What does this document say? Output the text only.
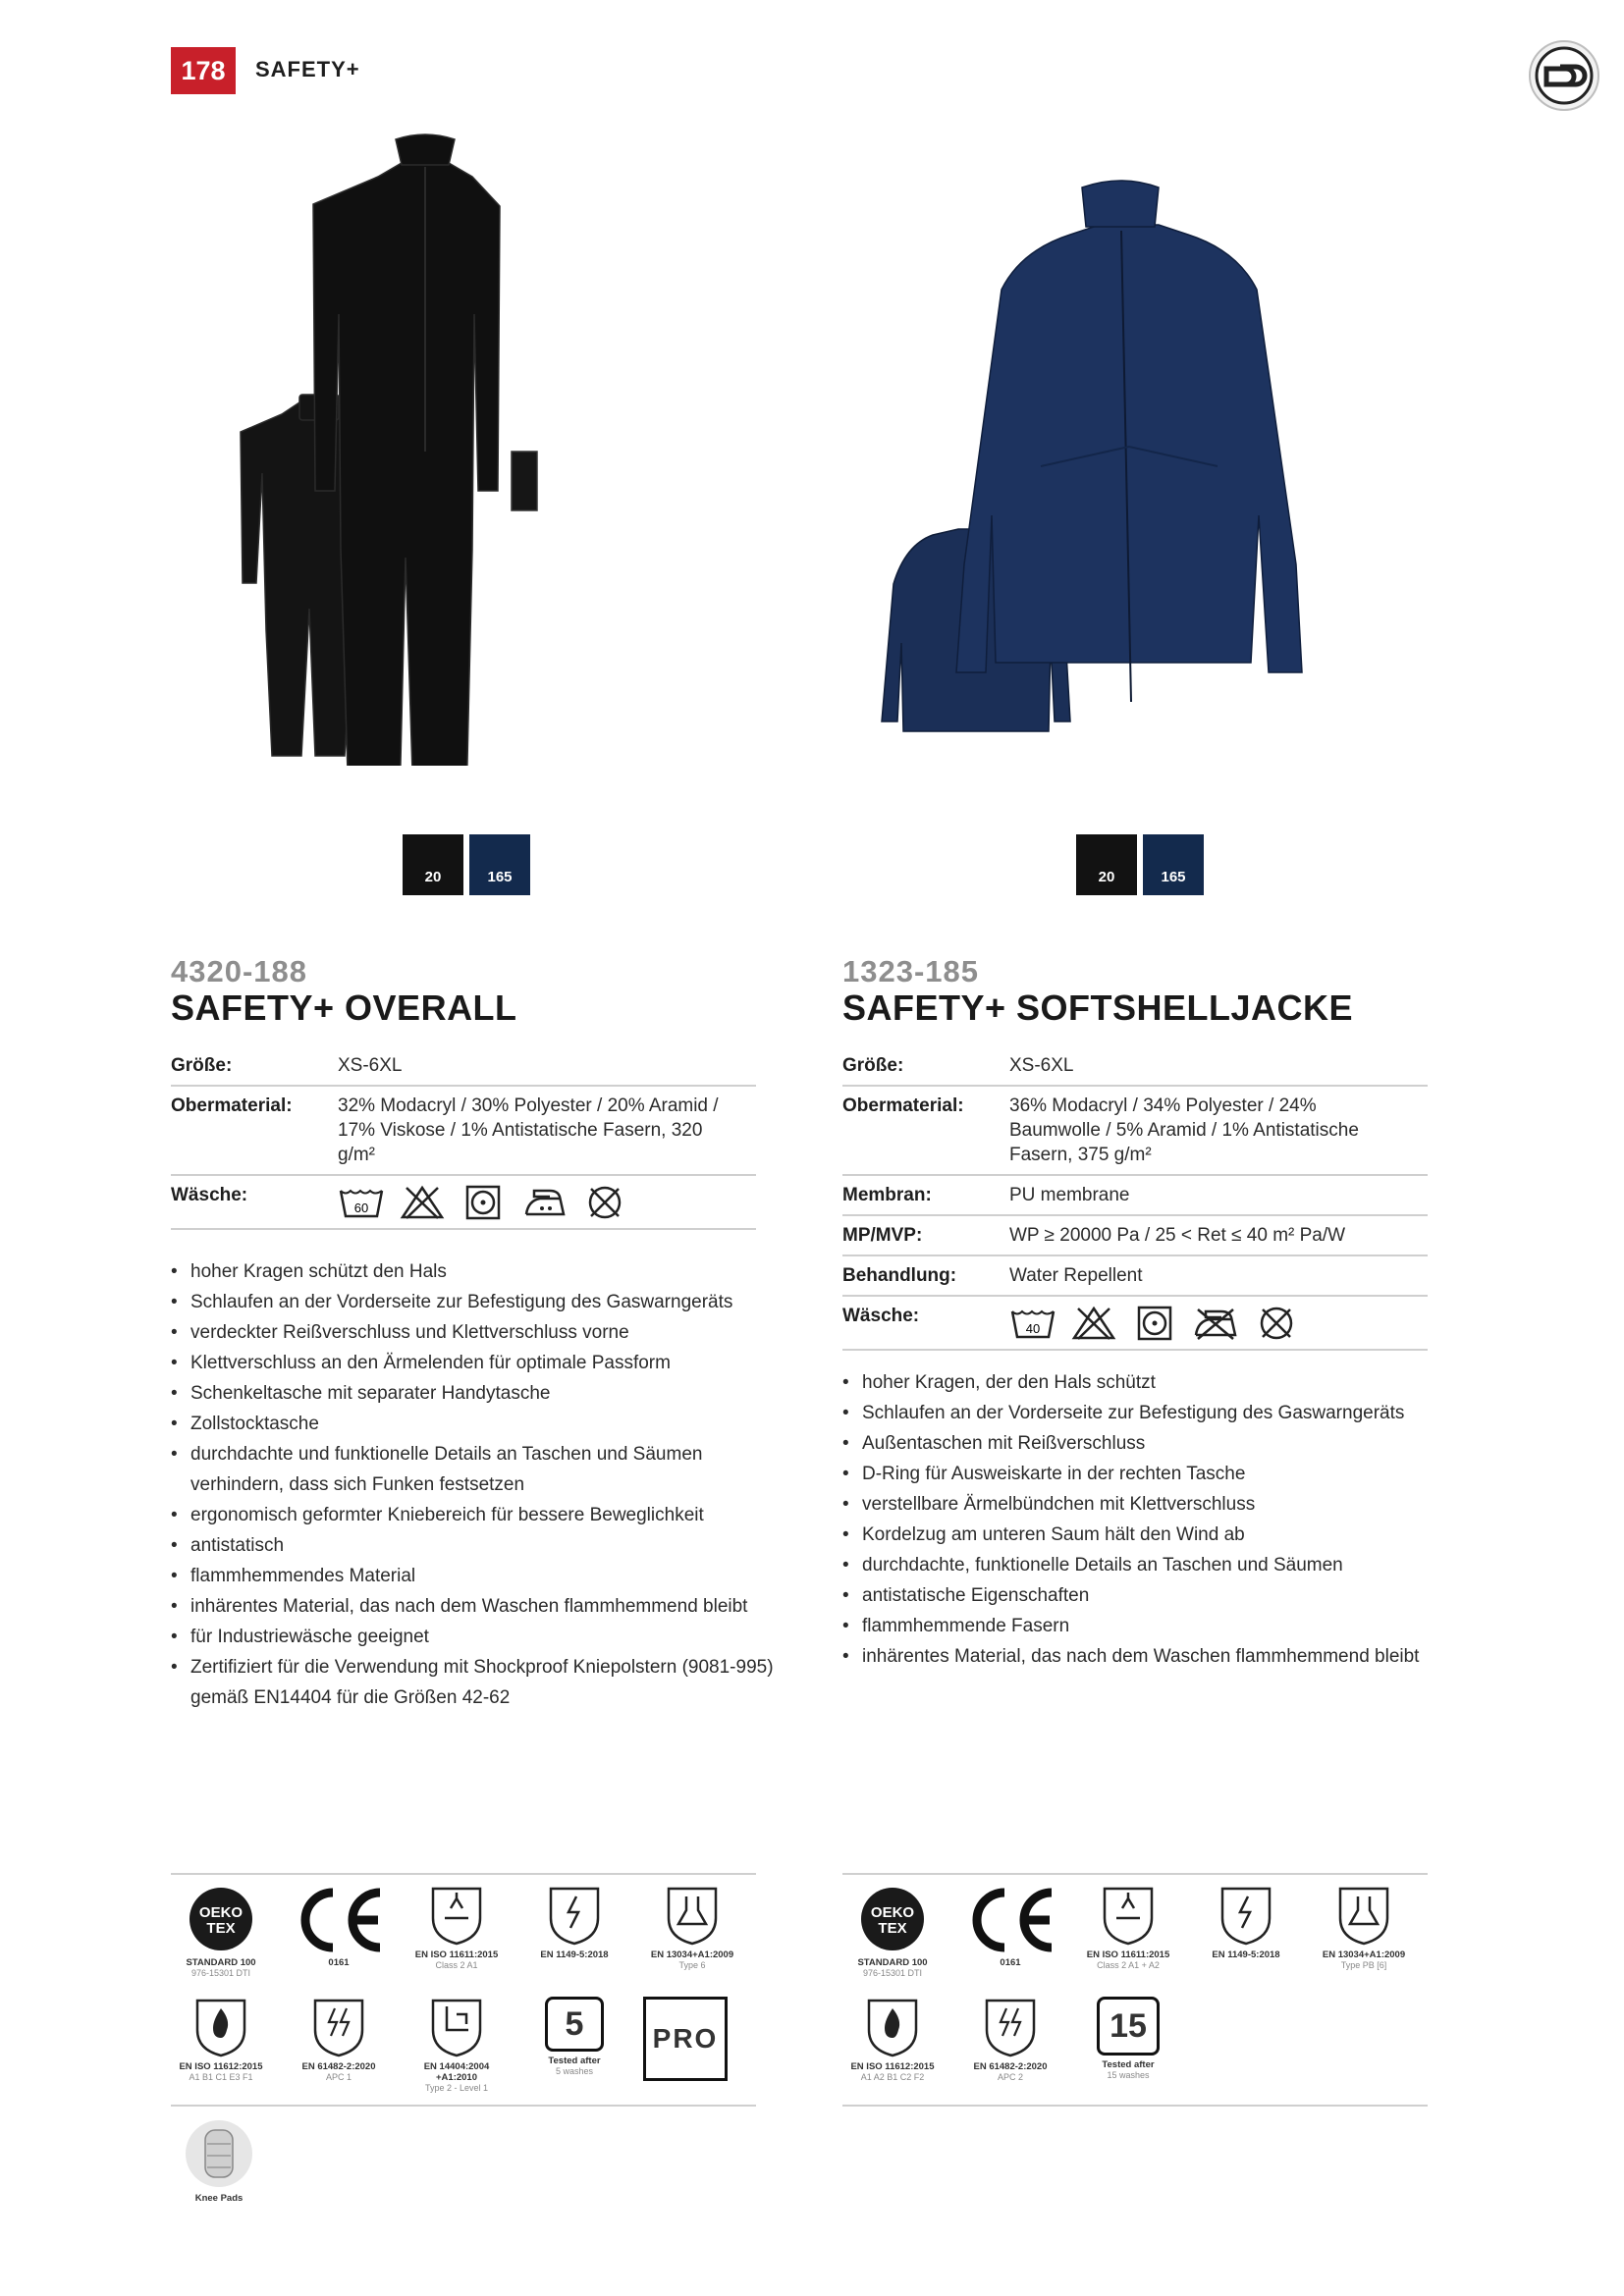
178	SAFETY+
20	165	20	165
4320-188
SAFETY+ OVERALL
Größe:	XS-6XL
Obermaterial:	32% Modacryl / 30% Polyester / 20% Aramid / 17% Viskose / 1% Antistatische Fasern, 320 g/m²
Wäsche:	60
• hoher Kragen schützt den Hals
• Schlaufen an der Vorderseite zur Befestigung des Gaswarngeräts
• verdeckter Reißverschluss und Klettverschluss vorne
• Klettverschluss an den Ärmelenden für optimale Passform
• Schenkeltasche mit separater Handytasche
• Zollstocktasche
• durchdachte und funktionelle Details an Taschen und Säumen verhindern, dass sich Funken festsetzen
• ergonomisch geformter Kniebereich für bessere Beweglichkeit
• antistatisch
• flammhemmendes Material
• inhärentes Material, das nach dem Waschen flammhemmend bleibt
• für Industriewäsche geeignet
• Zertifiziert für die Verwendung mit Shockproof Kniepolstern (9081-995) gemäß EN14404 für die Größen 42-62
1323-185
SAFETY+ SOFTSHELLJACKE
Größe:	XS-6XL
Obermaterial:	36% Modacryl / 34% Polyester / 24% Baumwolle / 5% Aramid / 1% Antistatische Fasern, 375 g/m²
Membran:	PU membrane
MP/MVP:	WP ≥ 20000 Pa / 25 < Ret ≤ 40 m² Pa/W
Behandlung:	Water Repellent
Wäsche:	40
• hoher Kragen, der den Hals schützt
• Schlaufen an der Vorderseite zur Befestigung des Gaswarngeräts
• Außentaschen mit Reißverschluss
• D-Ring für Ausweiskarte in der rechten Tasche
• verstellbare Ärmelbündchen mit Klettverschluss
• Kordelzug am unteren Saum hält den Wind ab
• durchdachte, funktionelle Details an Taschen und Säumen
• antistatische Eigenschaften
• flammhemmende Fasern
• inhärentes Material, das nach dem Waschen flammhemmend bleibt
OEKO
TEX
STANDARD 100
976-15301 DTI
0161
EN ISO 11611:2015
Class 2 A1
EN 1149-5:2018	EN 13034+A1:2009
Type 6
EN ISO 11612:2015
A1 B1 C1 E3 F1
EN 61482-2:2020
APC 1
EN 14404:2004 +A1:2010
Type 2 - Level 1
5
Tested after
5 washes
PRO
Knee Pads
OEKO
TEX
STANDARD 100
976-15301 DTI
0161
EN ISO 11611:2015
Class 2 A1 + A2
EN 1149-5:2018	EN 13034+A1:2009
Type PB [6]
EN ISO 11612:2015
A1 A2 B1 C2 F2
EN 61482-2:2020
APC 2
15
Tested after
15 washes
